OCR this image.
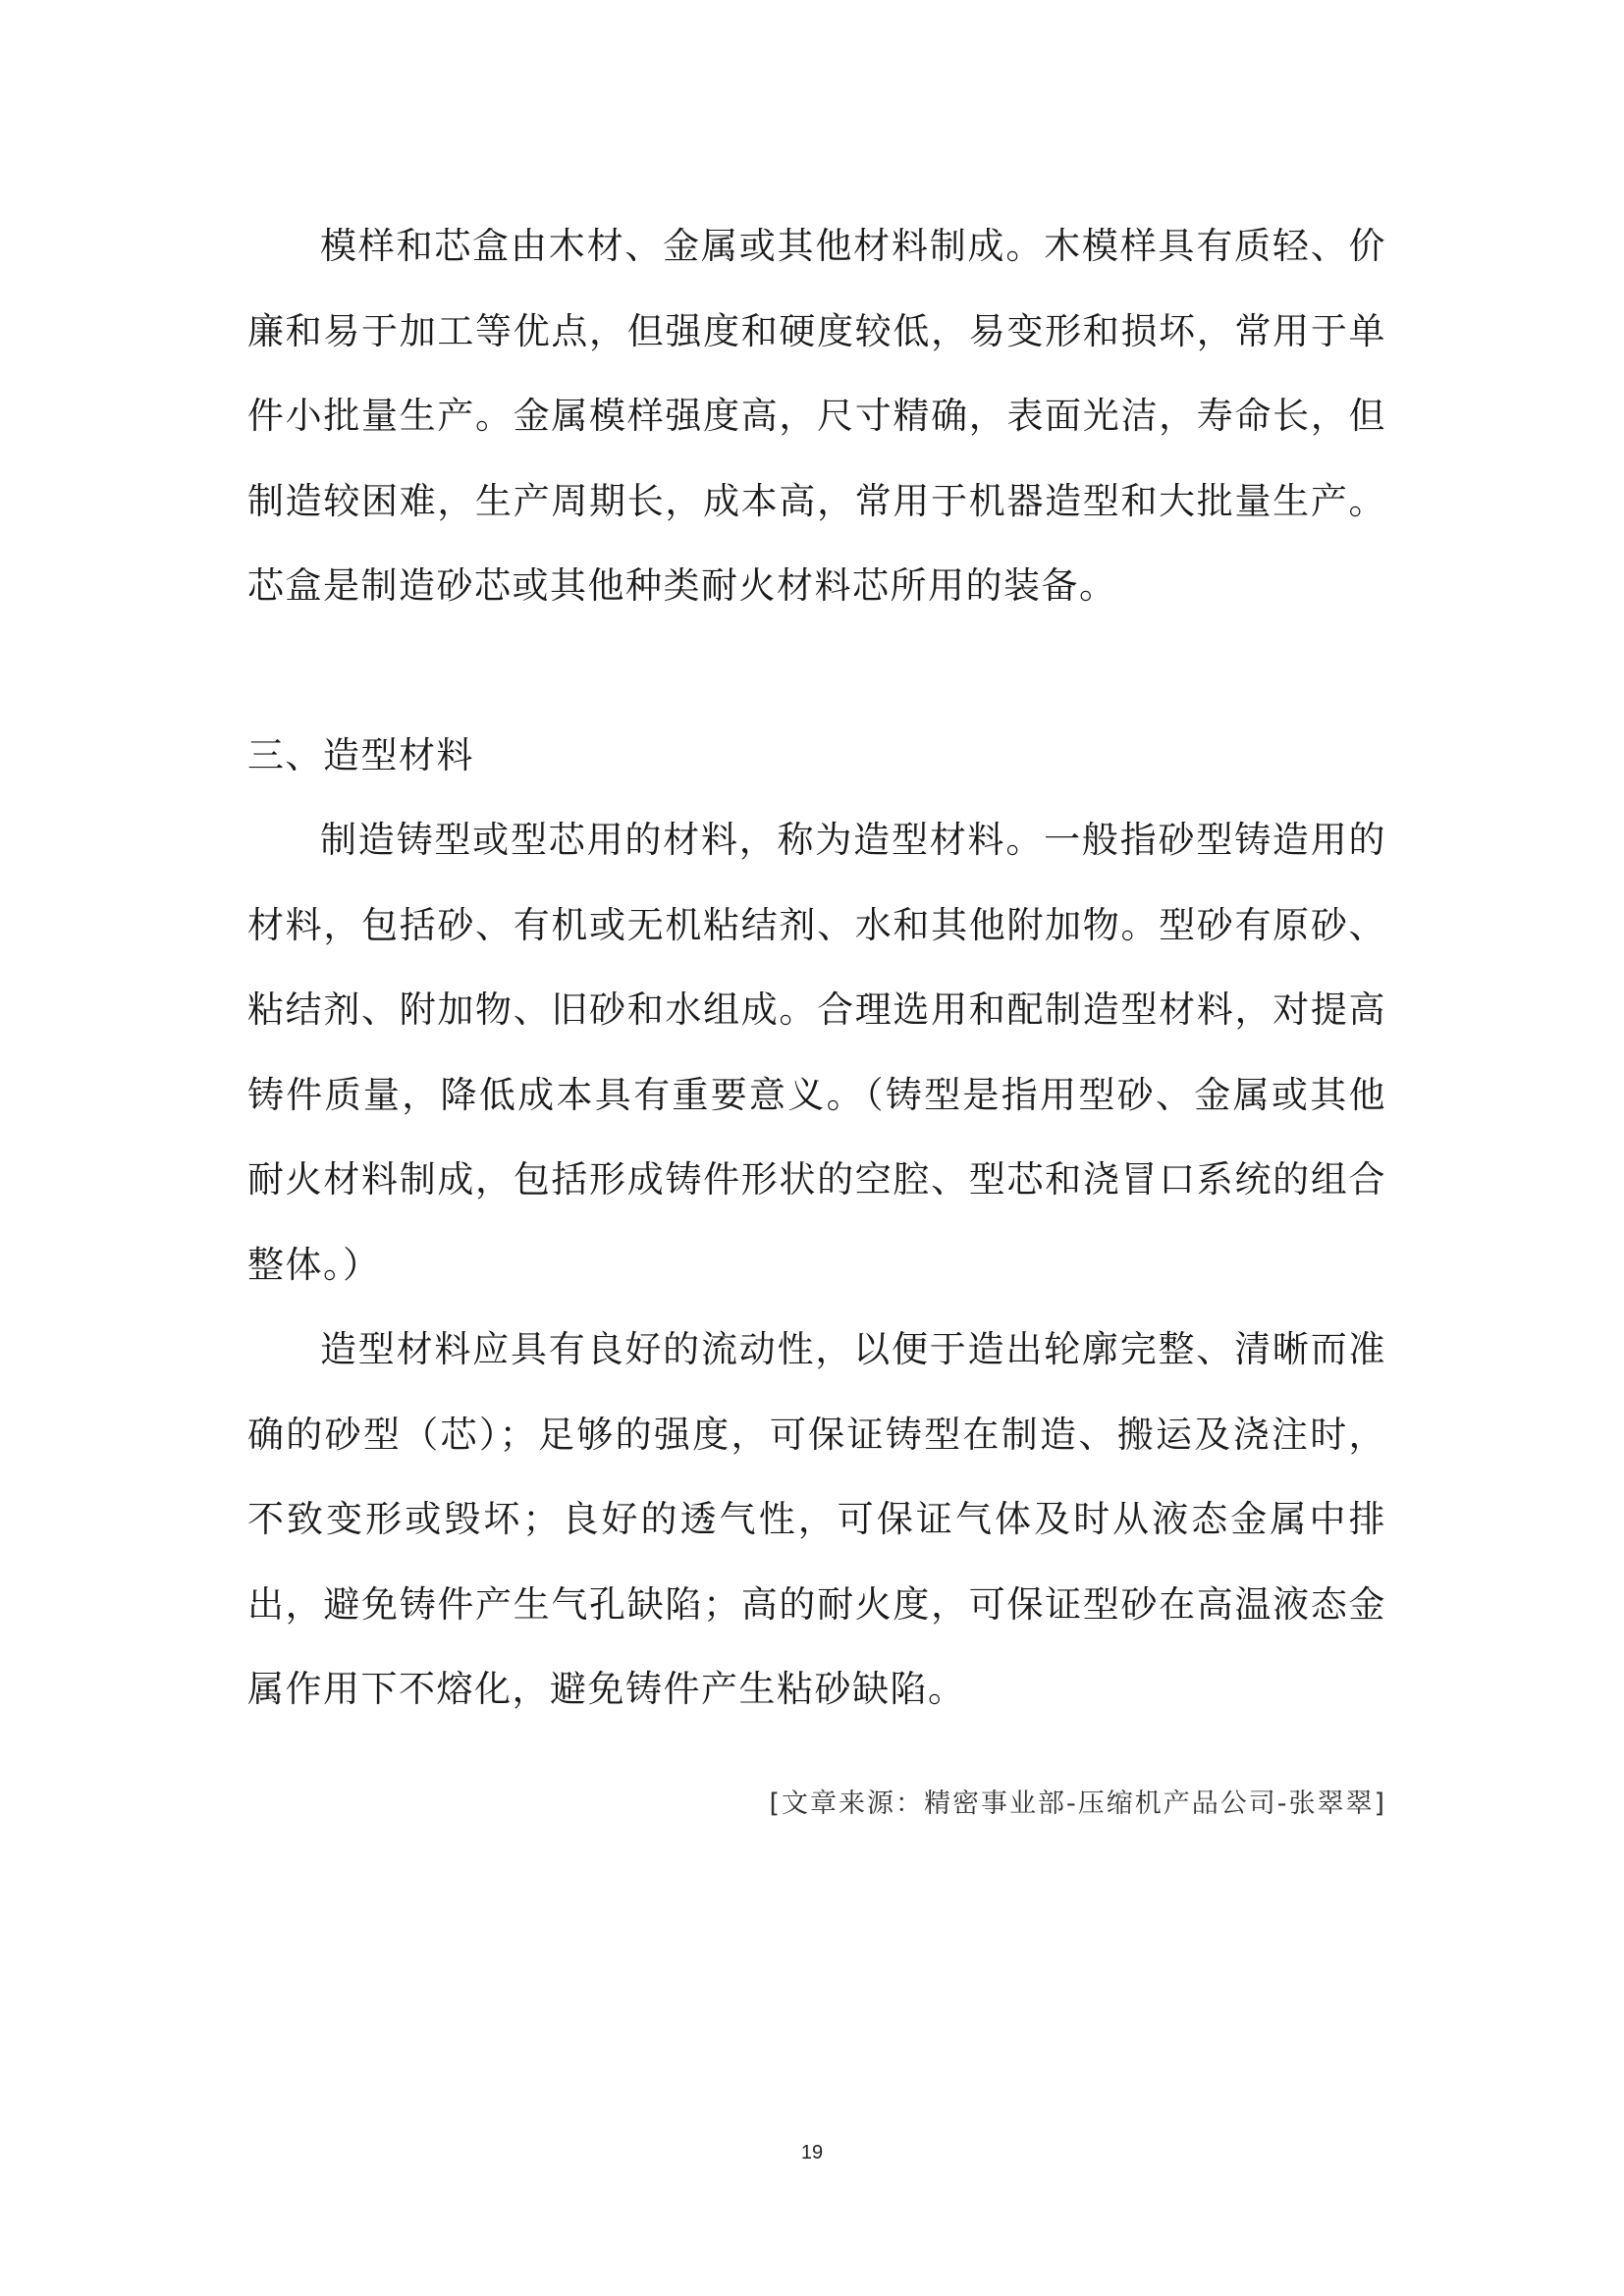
模样和芯盒由木材、金属或其他材料制成。木模样具有质轻、价廉和易于加工等优点，但强度和硬度较低，易变形和损坏，常用于单件小批量生产。金属模样强度高，尺寸精确，表面光洁，寿命长，但制造较困难，生产周期长，成本高，常用于机器造型和大批量生产。芯盒是制造砂芯或其他种类耐火材料芯所用的装备。

三、造型材料

制造铸型或型芯用的材料，称为造型材料。一般指砂型铸造用的材料，包括砂、有机或无机粘结剂、水和其他附加物。型砂有原砂、粘结剂、附加物、旧砂和水组成。合理选用和配制造型材料，对提高铸件质量，降低成本具有重要意义。（铸型是指用型砂、金属或其他耐火材料制成，包括形成铸件形状的空腔、型芯和浇冒口系统的组合整体。）

造型材料应具有良好的流动性，以便于造出轮廓完整、清晰而准确的砂型（芯）；足够的强度，可保证铸型在制造、搬运及浇注时，不致变形或毁坏；良好的透气性，可保证气体及时从液态金属中排出，避免铸件产生气孔缺陷；高的耐火度，可保证型砂在高温液态金属作用下不熔化，避免铸件产生粘砂缺陷。

[文章来源：精密事业部-压缩机产品公司-张翠翠]
19
